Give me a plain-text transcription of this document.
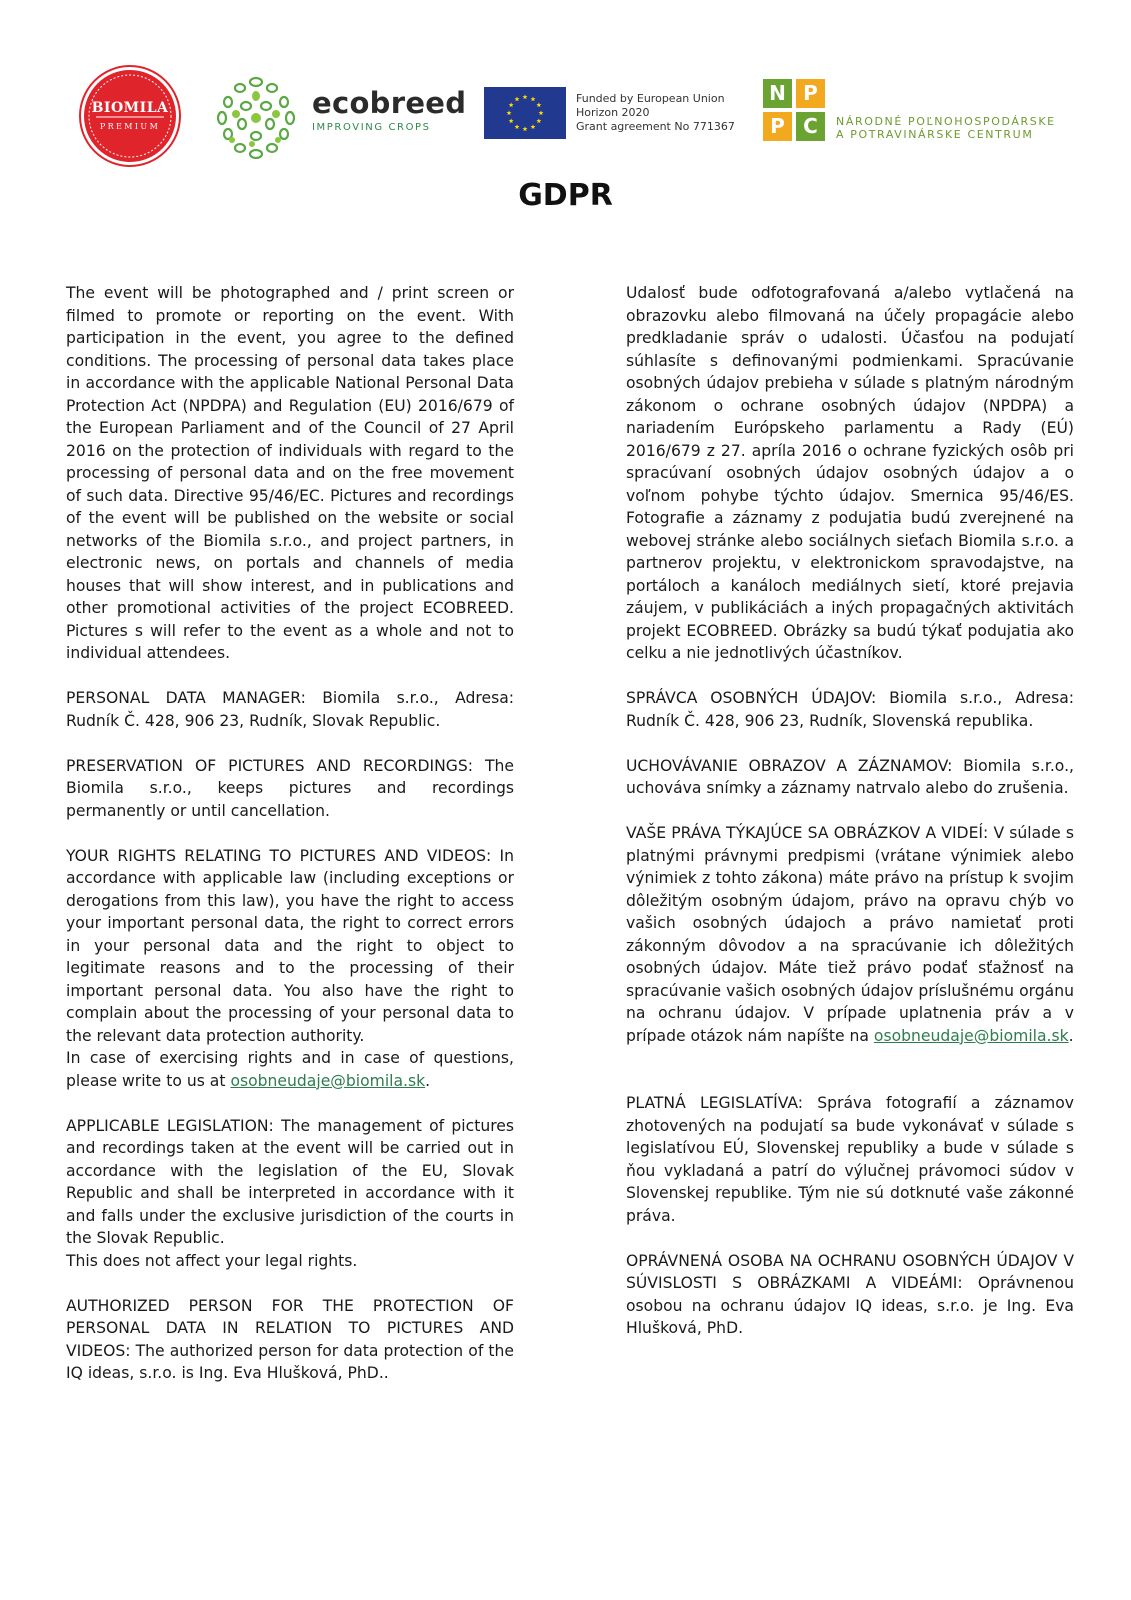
BIOMILA
PREMIUM
ecobreed
IMPROVING CROPS
Funded by European Union
Horizon 2020
Grant agreement No 771367
N P
P C	NÁRODNÉ POĽNOHOSPODÁRSKE
A POTRAVINÁRSKE CENTRUM
GDPR

The event will be photographed and / print screen or filmed to promote or reporting on the event. With participation in the event, you agree to the defined conditions. The processing of personal data takes place in accordance with the applicable National Personal Data Protection Act (NPDPA) and Regulation (EU) 2016/679 of the European Parliament and of the Council of 27 April 2016 on the protection of individuals with regard to the processing of personal data and on the free movement of such data. Directive 95/46/EC. Pictures and recordings of the event will be published on the website or social networks of the Biomila s.r.o., and project partners, in electronic news, on portals and channels of media houses that will show interest, and in publications and other promotional activities of the project ECOBREED. Pictures s will refer to the event as a whole and not to individual attendees.

PERSONAL DATA MANAGER: Biomila s.r.o., Adresa: Rudník Č. 428, 906 23, Rudník, Slovak Republic.

PRESERVATION OF PICTURES AND RECORDINGS: The Biomila s.r.o., keeps pictures and recordings permanently or until cancellation.

YOUR RIGHTS RELATING TO PICTURES AND VIDEOS: In accordance with applicable law (including exceptions or derogations from this law), you have the right to access your important personal data, the right to correct errors in your personal data and the right to object to legitimate reasons and to the processing of their important personal data. You also have the right to complain about the processing of your personal data to the relevant data protection authority.

In case of exercising rights and in case of questions, please write to us at osobneudaje@biomila.sk.

APPLICABLE LEGISLATION: The management of pictures and recordings taken at the event will be carried out in accordance with the legislation of the EU, Slovak Republic and shall be interpreted in accordance with it and falls under the exclusive jurisdiction of the courts in the Slovak Republic.

This does not affect your legal rights.

AUTHORIZED PERSON FOR THE PROTECTION OF PERSONAL DATA IN RELATION TO PICTURES AND VIDEOS: The authorized person for data protection of the IQ ideas, s.r.o. is Ing. Eva Hlušková, PhD..

Udalosť bude odfotografovaná a/alebo vytlačená na obrazovku alebo filmovaná na účely propagácie alebo predkladanie správ o udalosti. Účasťou na podujatí súhlasíte s definovanými podmienkami. Spracúvanie osobných údajov prebieha v súlade s platným národným zákonom o ochrane osobných údajov (NPDPA) a nariadením Európskeho parlamentu a Rady (EÚ) 2016/679 z 27. apríla 2016 o ochrane fyzických osôb pri spracúvaní osobných údajov osobných údajov a o voľnom pohybe týchto údajov. Smernica 95/46/ES. Fotografie a záznamy z podujatia budú zverejnené na webovej stránke alebo sociálnych sieťach Biomila s.r.o. a partnerov projektu, v elektronickom spravodajstve, na portáloch a kanáloch mediálnych sietí, ktoré prejavia záujem, v publikáciách a iných propagačných aktivitách projekt ECOBREED. Obrázky sa budú týkať podujatia ako celku a nie jednotlivých účastníkov.

SPRÁVCA OSOBNÝCH ÚDAJOV: Biomila s.r.o., Adresa: Rudník Č. 428, 906 23, Rudník, Slovenská republika.

UCHOVÁVANIE OBRAZOV A ZÁZNAMOV: Biomila s.r.o., uchováva snímky a záznamy natrvalo alebo do zrušenia.

VAŠE PRÁVA TÝKAJÚCE SA OBRÁZKOV A VIDEÍ: V súlade s platnými právnymi predpismi (vrátane výnimiek alebo výnimiek z tohto zákona) máte právo na prístup k svojim dôležitým osobným údajom, právo na opravu chýb vo vašich osobných údajoch a právo namietať proti zákonným dôvodov a na spracúvanie ich dôležitých osobných údajov. Máte tiež právo podať sťažnosť na spracúvanie vašich osobných údajov príslušnému orgánu na ochranu údajov. V prípade uplatnenia práv a v prípade otázok nám napíšte na osobneudaje@biomila.sk.

PLATNÁ LEGISLATÍVA: Správa fotografií a záznamov zhotovených na podujatí sa bude vykonávať v súlade s legislatívou EÚ, Slovenskej republiky a bude v súlade s ňou vykladaná a patrí do výlučnej právomoci súdov v Slovenskej republike. Tým nie sú dotknuté vaše zákonné práva.

OPRÁVNENÁ OSOBA NA OCHRANU OSOBNÝCH ÚDAJOV V SÚVISLOSTI S OBRÁZKAMI A VIDEÁMI: Oprávnenou osobou na ochranu údajov IQ ideas, s.r.o. je Ing. Eva Hlušková, PhD.
